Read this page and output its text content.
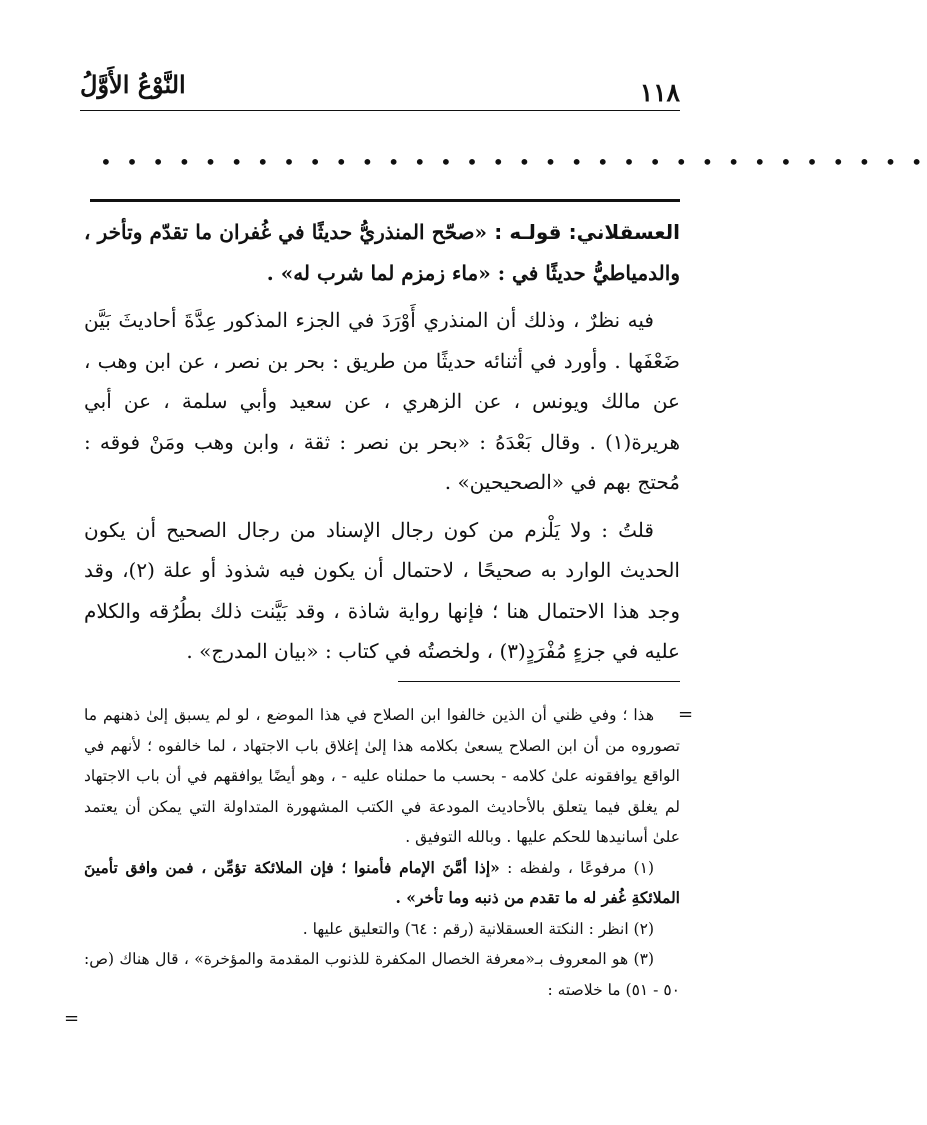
النَّوْعُ الأَوَّلُ	١١٨
• • • • • • • • • • • • • • • • • • • • • • • • • • • • • • • •

العسقلاني: قولـه : «صحّح المنذريُّ حديثًا في غُفران ما تقدّم وتأخر ، والدمياطيُّ حديثًا في : «ماء زمزم لما شرب له» .

فيه نظرٌ ، وذلك أن المنذري أَوْرَدَ في الجزء المذكور عِدَّةَ أحاديثَ بَيَّن ضَعْفَها . وأورد في أثنائه حديثًا من طريق : بحر بن نصر ، عن ابن وهب ، عن مالك ويونس ، عن الزهري ، عن سعيد وأبي سلمة ، عن أبي هريرة(١) . وقال بَعْدَهُ : «بحر بن نصر : ثقة ، وابن وهب ومَنْ فوقه : مُحتج بهم في «الصحيحين» .

قلتُ : ولا يَلْزم من كون رجال الإسناد من رجال الصحيح أن يكون الحديث الوارد به صحيحًا ، لاحتمال أن يكون فيه شذوذ أو علة (٢)، وقد وجد هذا الاحتمال هنا ؛ فإنها رواية شاذة ، وقد بَيَّنت ذلك بطُرُقه والكلام عليه في جزءٍ مُفْرَدٍ(٣) ، ولخصتُه في كتاب : «بيان المدرج» .

=

هذا ؛ وفي ظني أن الذين خالفوا ابن الصلاح في هذا الموضع ، لو لم يسبق إلىٰ ذهنهم ما تصوروه من أن ابن الصلاح يسعىٰ بكلامه هذا إلىٰ إغلاق باب الاجتهاد ، لما خالفوه ؛ لأنهم في الواقع يوافقونه علىٰ كلامه - بحسب ما حملناه عليه - ، وهو أيضًا يوافقهم في أن باب الاجتهاد لم يغلق فيما يتعلق بالأحاديث المودعة في الكتب المشهورة المتداولة التي يمكن أن يعتمد علىٰ أسانيدها للحكم عليها . وبالله التوفيق .

(١) مرفوعًا ، ولفظه : «إذا أمَّنَ الإمام فأمنوا ؛ فإن الملائكة تؤمِّن ، فمن وافق تأمينَ الملائكةِ غُفر له ما تقدم من ذنبه وما تأخر» .

(٢) انظر : النكتة العسقلانية (رقم : ٦٤) والتعليق عليها .

(٣) هو المعروف بـ«معرفة الخصال المكفرة للذنوب المقدمة والمؤخرة» ، قال هناك (ص: ٥٠ - ٥١) ما خلاصته :

=
